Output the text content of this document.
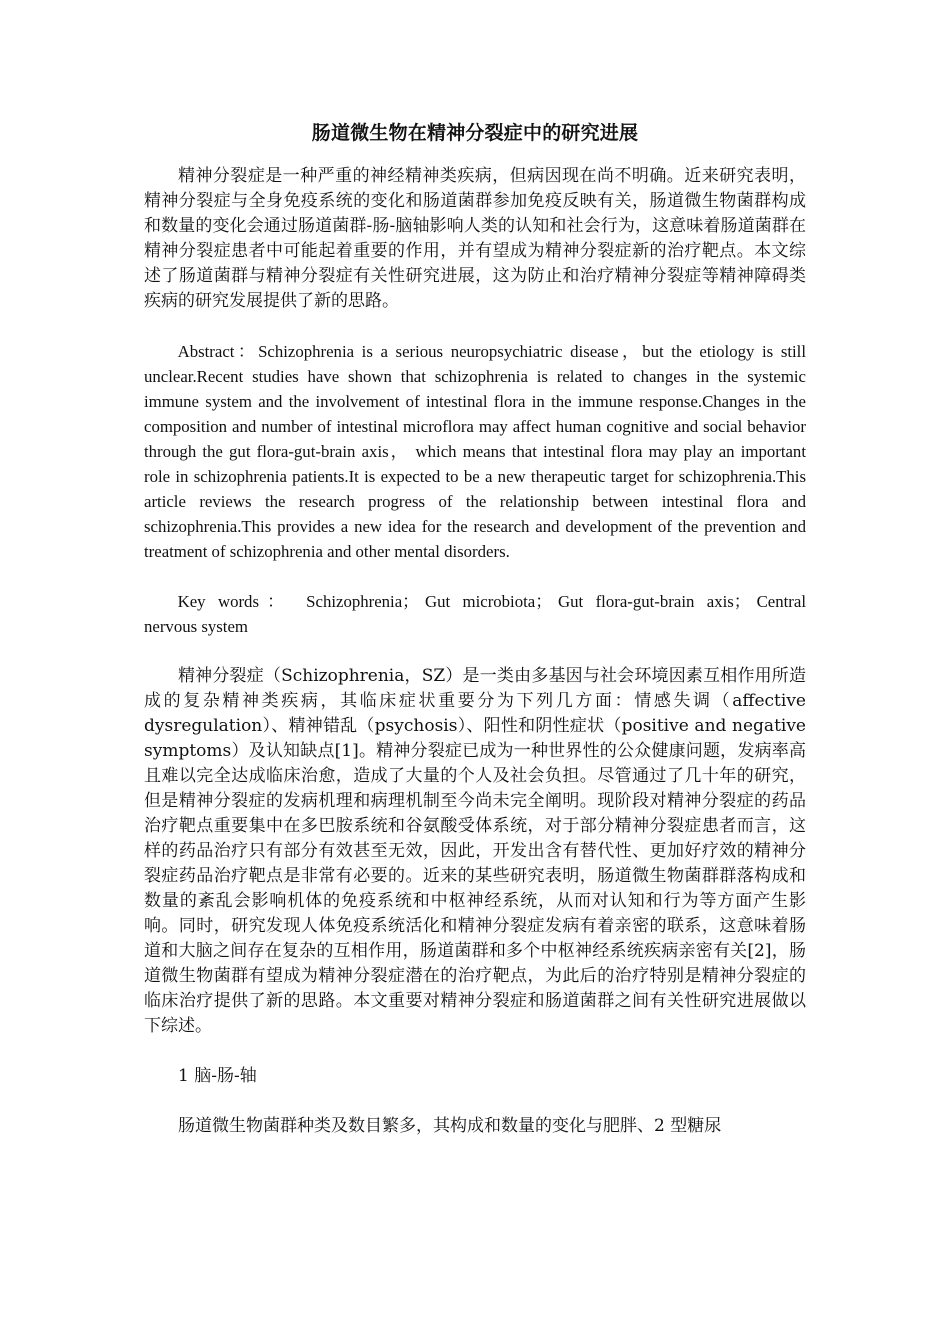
肠道微生物在精神分裂症中的研究进展

精神分裂症是一种严重的神经精神类疾病，但病因现在尚不明确。近来研究表明，精神分裂症与全身免疫系统的变化和肠道菌群参加免疫反映有关，肠道微生物菌群构成和数量的变化会通过肠道菌群-肠-脑轴影响人类的认知和社会行为，这意味着肠道菌群在精神分裂症患者中可能起着重要的作用，并有望成为精神分裂症新的治疗靶点。本文综述了肠道菌群与精神分裂症有关性研究进展，这为防止和治疗精神分裂症等精神障碍类疾病的研究发展提供了新的思路。

Abstract：Schizophrenia is a serious neuropsychiatric disease，but the etiology is still unclear.Recent studies have shown that schizophrenia is related to changes in the systemic immune system and the involvement of intestinal flora in the immune response.Changes in the composition and number of intestinal microflora may affect human cognitive and social behavior through the gut flora-gut-brain axis， which means that intestinal flora may play an important role in schizophrenia patients.It is expected to be a new therapeutic target for schizophrenia.This article reviews the research progress of the relationship between intestinal flora and schizophrenia.This provides a new idea for the research and development of the prevention and treatment of schizophrenia and other mental disorders.

Key words： Schizophrenia； Gut microbiota； Gut flora-gut-brain axis； Central nervous system

精神分裂症（Schizophrenia，SZ）是一类由多基因与社会环境因素互相作用所造成的复杂精神类疾病，其临床症状重要分为下列几方面：情感失调（affective dysregulation）、精神错乱（psychosis）、阳性和阴性症状（positive and negative symptoms）及认知缺点[1]。精神分裂症已成为一种世界性的公众健康问题，发病率高且难以完全达成临床治愈，造成了大量的个人及社会负担。尽管通过了几十年的研究，但是精神分裂症的发病机理和病理机制至今尚未完全阐明。现阶段对精神分裂症的药品治疗靶点重要集中在多巴胺系统和谷氨酸受体系统，对于部分精神分裂症患者而言，这样的药品治疗只有部分有效甚至无效，因此，开发出含有替代性、更加好疗效的精神分裂症药品治疗靶点是非常有必要的。近来的某些研究表明，肠道微生物菌群群落构成和数量的紊乱会影响机体的免疫系统和中枢神经系统，从而对认知和行为等方面产生影响。同时，研究发现人体免疫系统活化和精神分裂症发病有着亲密的联系，这意味着肠道和大脑之间存在复杂的互相作用，肠道菌群和多个中枢神经系统疾病亲密有关[2]，肠道微生物菌群有望成为精神分裂症潜在的治疗靶点，为此后的治疗特别是精神分裂症的临床治疗提供了新的思路。本文重要对精神分裂症和肠道菌群之间有关性研究进展做以下综述。

1 脑-肠-轴

肠道微生物菌群种类及数目繁多，其构成和数量的变化与肥胖、2 型糖尿
